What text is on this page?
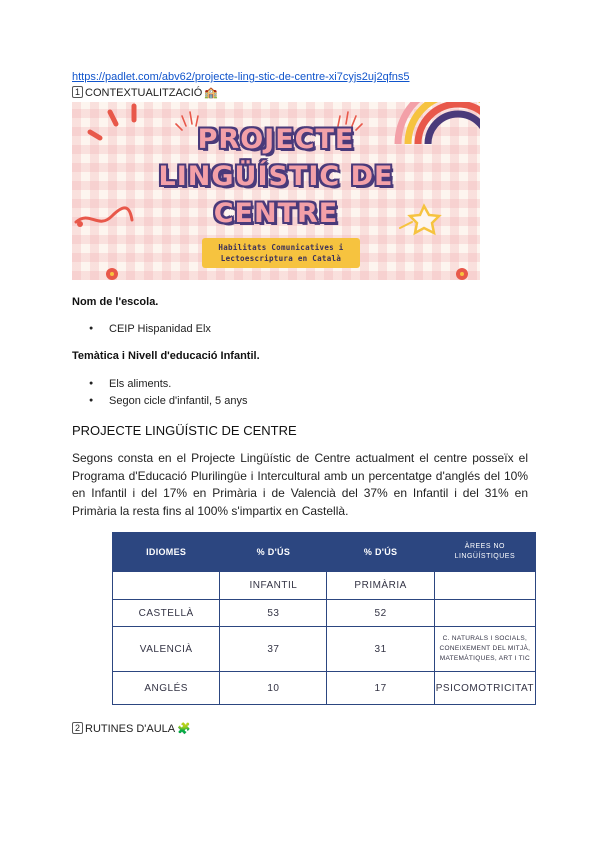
https://padlet.com/abv62/projecte-ling-stic-de-centre-xi7cyjs2uj2qfns5
1 CONTEXTUALITZACIÓ 🏫
PROJECTE
LINGÜÍSTIC DE
CENTRE
Habilitats Comunicatives i
Lectoescriptura en Català
Nom de l'escola.
● CEIP Hispanidad Elx
Temàtica i Nivell d'educació Infantil.
● Els aliments.
● Segon cicle d'infantil, 5 anys
PROJECTE LINGÜÍSTIC DE CENTRE

Segons consta en el Projecte Lingüístic de Centre actualment el centre posseïx el Programa d'Educació Plurilingüe i Intercultural amb un percentatge d'anglés del 10% en Infantil i del 17% en Primària i de Valencià del 37% en Infantil i del 31% en Primària la resta fins al 100% s'impartix en Castellà.

IDIOMES	% D'ÚS	% D'ÚS	ÀREES NO LINGÜÍSTIQUES
	INFANTIL	PRIMÀRIA	
CASTELLÀ	53	52	
VALENCIÀ	37	31	C. NATURALS I SOCIALS, CONEIXEMENT DEL MITJÀ, MATEMÀTIQUES, ART I TIC
ANGLÉS	10	17	PSICOMOTRICITAT
2 RUTINES D'AULA 🧩
